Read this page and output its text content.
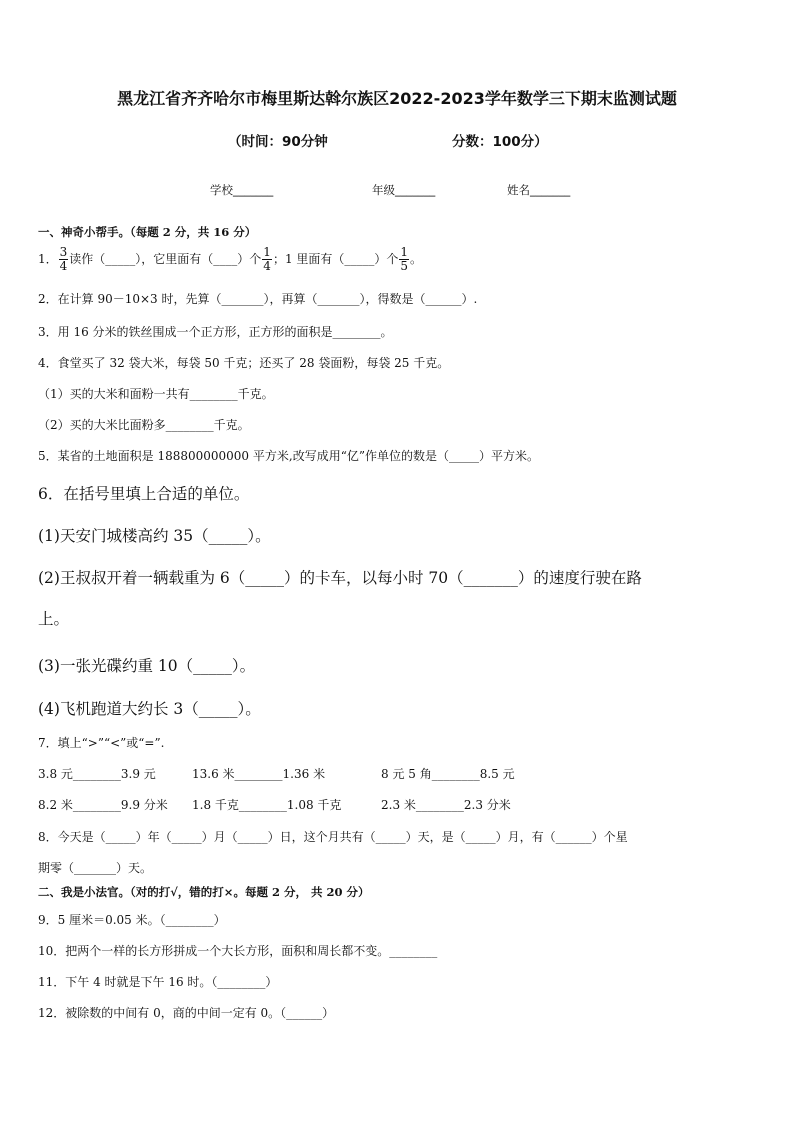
黑龙江省齐齐哈尔市梅里斯达斡尔族区2022-2023学年数学三下期末监测试题
（时间：90分钟	分数：100分）
学校_______	年级_______	姓名_______
一、神奇小帮手。（每题 2 分，共 16 分）
1． $\frac{3}{4}$ 读作（_____），它里面有（____）个 $\frac{1}{4}$ ；1 里面有（_____）个 $\frac{1}{5}$ 。
2．在计算 90－10×3 时，先算（_______），再算（_______），得数是（______）.
3．用 16 分米的铁丝围成一个正方形，正方形的面积是________。
4．食堂买了 32 袋大米，每袋 50 千克；还买了 28 袋面粉，每袋 25 千克。
（1）买的大米和面粉一共有________千克。
（2）买的大米比面粉多________千克。
5．某省的土地面积是 188800000000 平方米,改写成用“亿”作单位的数是（_____）平方米。
6．在括号里填上合适的单位。
(1)天安门城楼高约 35（_____）。
(2)王叔叔开着一辆载重为 6（_____）的卡车，以每小时 70（_______）的速度行驶在路
上。
(3)一张光碟约重 10（_____）。
(4)飞机跑道大约长 3（_____）。
7．填上“>”“<”或“=”.
3.8 元________3.9 元	13.6 米________1.36 米	8 元 5 角________8.5 元
8.2 米________9.9 分米 1.8 千克________1.08 千克	2.3 米________2.3 分米
8．今天是（_____）年（_____）月（_____）日，这个月共有（_____）天，是（_____）月，有（______）个星
期零（_______）天。
二、我是小法官。（对的打√，错的打×。每题 2 分， 共 20 分）
9．5 厘米＝0.05 米。（________）
10．把两个一样的长方形拼成一个大长方形，面积和周长都不变。________
11．下午 4 时就是下午 16 时。（________）
12．被除数的中间有 0，商的中间一定有 0。（______）
